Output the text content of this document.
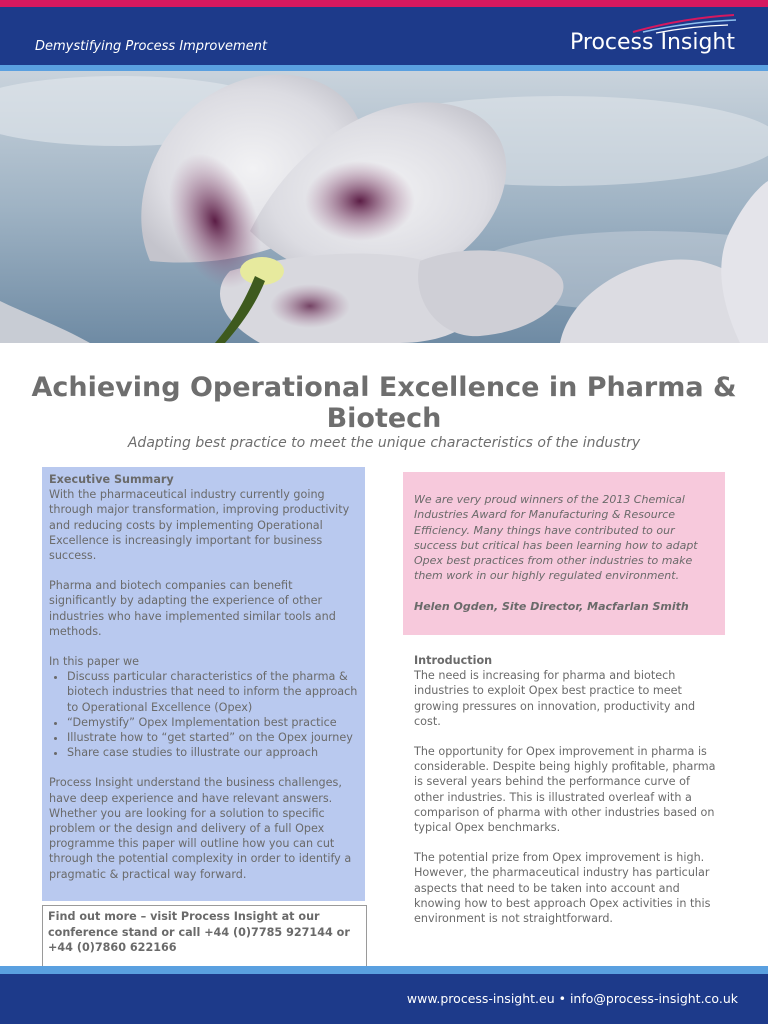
Demystifying Process Improvement	Process Insight
Achieving Operational Excellence in Pharma & Biotech
Adapting best practice to meet the unique characteristics of the industry
Executive Summary

With the pharmaceutical industry currently going through major transformation, improving productivity and reducing costs by implementing Operational Excellence is increasingly important for business success.

Pharma and biotech companies can benefit significantly by adapting the experience of other industries who have implemented similar tools and methods.

In this paper we
• Discuss particular characteristics of the pharma & biotech industries that need to inform the approach to Operational Excellence (Opex)
• “Demystify” Opex Implementation best practice
• Illustrate how to “get started” on the Opex journey
• Share case studies to illustrate our approach

Process Insight understand the business challenges, have deep experience and have relevant answers. Whether you are looking for a solution to specific problem or the design and delivery of a full Opex programme this paper will outline how you can cut through the potential complexity in order to identify a pragmatic & practical way forward.

Find out more – visit Process Insight at our conference stand or call +44 (0)7785 927144 or +44 (0)7860 622166

We are very proud winners of the 2013 Chemical Industries Award for Manufacturing & Resource Efficiency. Many things have contributed to our success but critical has been learning how to adapt Opex best practices from other industries to make them work in our highly regulated environment.

Helen Ogden, Site Director, Macfarlan Smith

Introduction

The need is increasing for pharma and biotech industries to exploit Opex best practice to meet growing pressures on innovation, productivity and cost.

The opportunity for Opex improvement in pharma is considerable. Despite being highly profitable, pharma is several years behind the performance curve of other industries. This is illustrated overleaf with a comparison of pharma with other industries based on typical Opex benchmarks.

The potential prize from Opex improvement is high. However, the pharmaceutical industry has particular aspects that need to be taken into account and knowing how to best approach Opex activities in this environment is not straightforward.

www.process-insight.eu • info@process-insight.co.uk
